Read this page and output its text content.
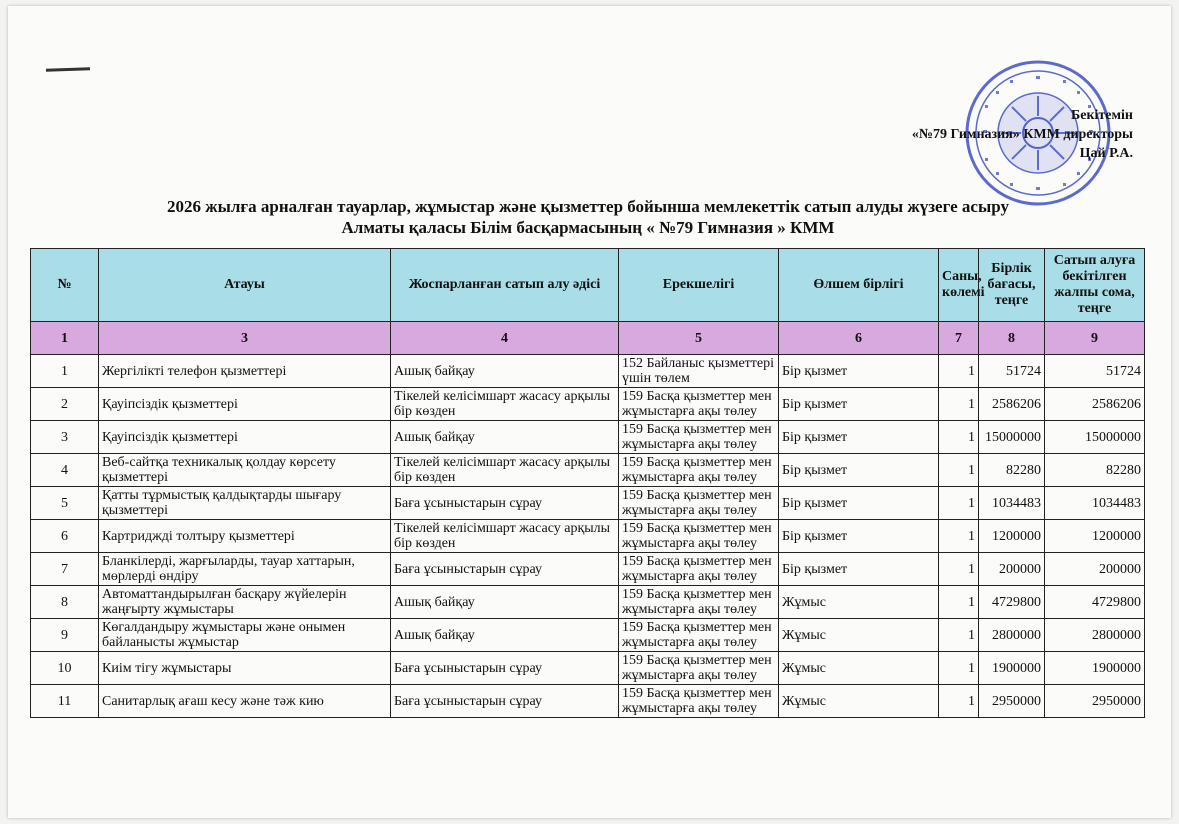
Бекітемін
«№79 Гимназия» КММ директоры
Цай Р.А.
2026 жылға арналған тауарлар, жұмыстар және қызметтер бойынша мемлекеттік сатып алуды жүзеге асыру
Алматы қаласы Білім басқармасының « №79 Гимназия » КММ
№	Атауы	Жоспарланған сатып алу әдісі	Ерекшелігі	Өлшем бірлігі	Саны, көлемі	Бірлік бағасы, теңге	Сатып алуға бекітілген жалпы сома, теңге
1	3	4	5	6	7	8	9
1	Жергілікті телефон қызметтері	Ашық байқау	152 Байланыс қызметтері үшін төлем	Бір қызмет	1	51724	51724
2	Қауіпсіздік қызметтері	Тікелей келісімшарт жасасу арқылы бір көзден	159 Басқа қызметтер мен жұмыстарға ақы төлеу	Бір қызмет	1	2586206	2586206
3	Қауіпсіздік қызметтері	Ашық байқау	159 Басқа қызметтер мен жұмыстарға ақы төлеу	Бір қызмет	1	15000000	15000000
4	Веб-сайтқа техникалық қолдау көрсету қызметтері	Тікелей келісімшарт жасасу арқылы бір көзден	159 Басқа қызметтер мен жұмыстарға ақы төлеу	Бір қызмет	1	82280	82280
5	Қатты тұрмыстық қалдықтарды шығару қызметтері	Баға ұсыныстарын сұрау	159 Басқа қызметтер мен жұмыстарға ақы төлеу	Бір қызмет	1	1034483	1034483
6	Картриджді толтыру қызметтері	Тікелей келісімшарт жасасу арқылы бір көзден	159 Басқа қызметтер мен жұмыстарға ақы төлеу	Бір қызмет	1	1200000	1200000
7	Бланкілерді, жарғыларды, тауар хаттарын, мөрлерді өндіру	Баға ұсыныстарын сұрау	159 Басқа қызметтер мен жұмыстарға ақы төлеу	Бір қызмет	1	200000	200000
8	Автоматтандырылған басқару жүйелерін жаңғырту жұмыстары	Ашық байқау	159 Басқа қызметтер мен жұмыстарға ақы төлеу	Жұмыс	1	4729800	4729800
9	Көгалдандыру жұмыстары және онымен байланысты жұмыстар	Ашық байқау	159 Басқа қызметтер мен жұмыстарға ақы төлеу	Жұмыс	1	2800000	2800000
10	Киім тігу жұмыстары	Баға ұсыныстарын сұрау	159 Басқа қызметтер мен жұмыстарға ақы төлеу	Жұмыс	1	1900000	1900000
11	Санитарлық ағаш кесу және тәж кию	Баға ұсыныстарын сұрау	159 Басқа қызметтер мен жұмыстарға ақы төлеу	Жұмыс	1	2950000	2950000
